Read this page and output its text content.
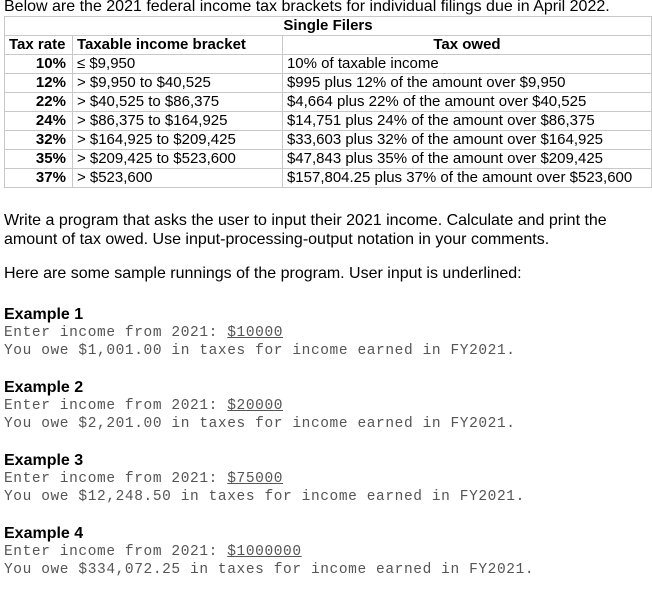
Below are the 2021 federal income tax brackets for individual filings due in April 2022.
Single Filers		
Tax rate	Taxable income bracket	Tax owed
10%	≤ $9,950	10% of taxable income
12%	> $9,950 to $40,525	$995 plus 12% of the amount over $9,950
22%	> $40,525 to $86,375	$4,664 plus 22% of the amount over $40,525
24%	> $86,375 to $164,925	$14,751 plus 24% of the amount over $86,375
32%	> $164,925 to $209,425	$33,603 plus 32% of the amount over $164,925
35%	> $209,425 to $523,600	$47,843 plus 35% of the amount over $209,425
37%	> $523,600	$157,804.25 plus 37% of the amount over $523,600
Write a program that asks the user to input their 2021 income. Calculate and print the amount of tax owed. Use input-processing-output notation in your comments.
Here are some sample runnings of the program. User input is underlined:
Example 1
Enter income from 2021: $10000
You owe $1,001.00 in taxes for income earned in FY2021.
Example 2
Enter income from 2021: $20000
You owe $2,201.00 in taxes for income earned in FY2021.
Example 3
Enter income from 2021: $75000
You owe $12,248.50 in taxes for income earned in FY2021.
Example 4
Enter income from 2021: $1000000
You owe $334,072.25 in taxes for income earned in FY2021.
